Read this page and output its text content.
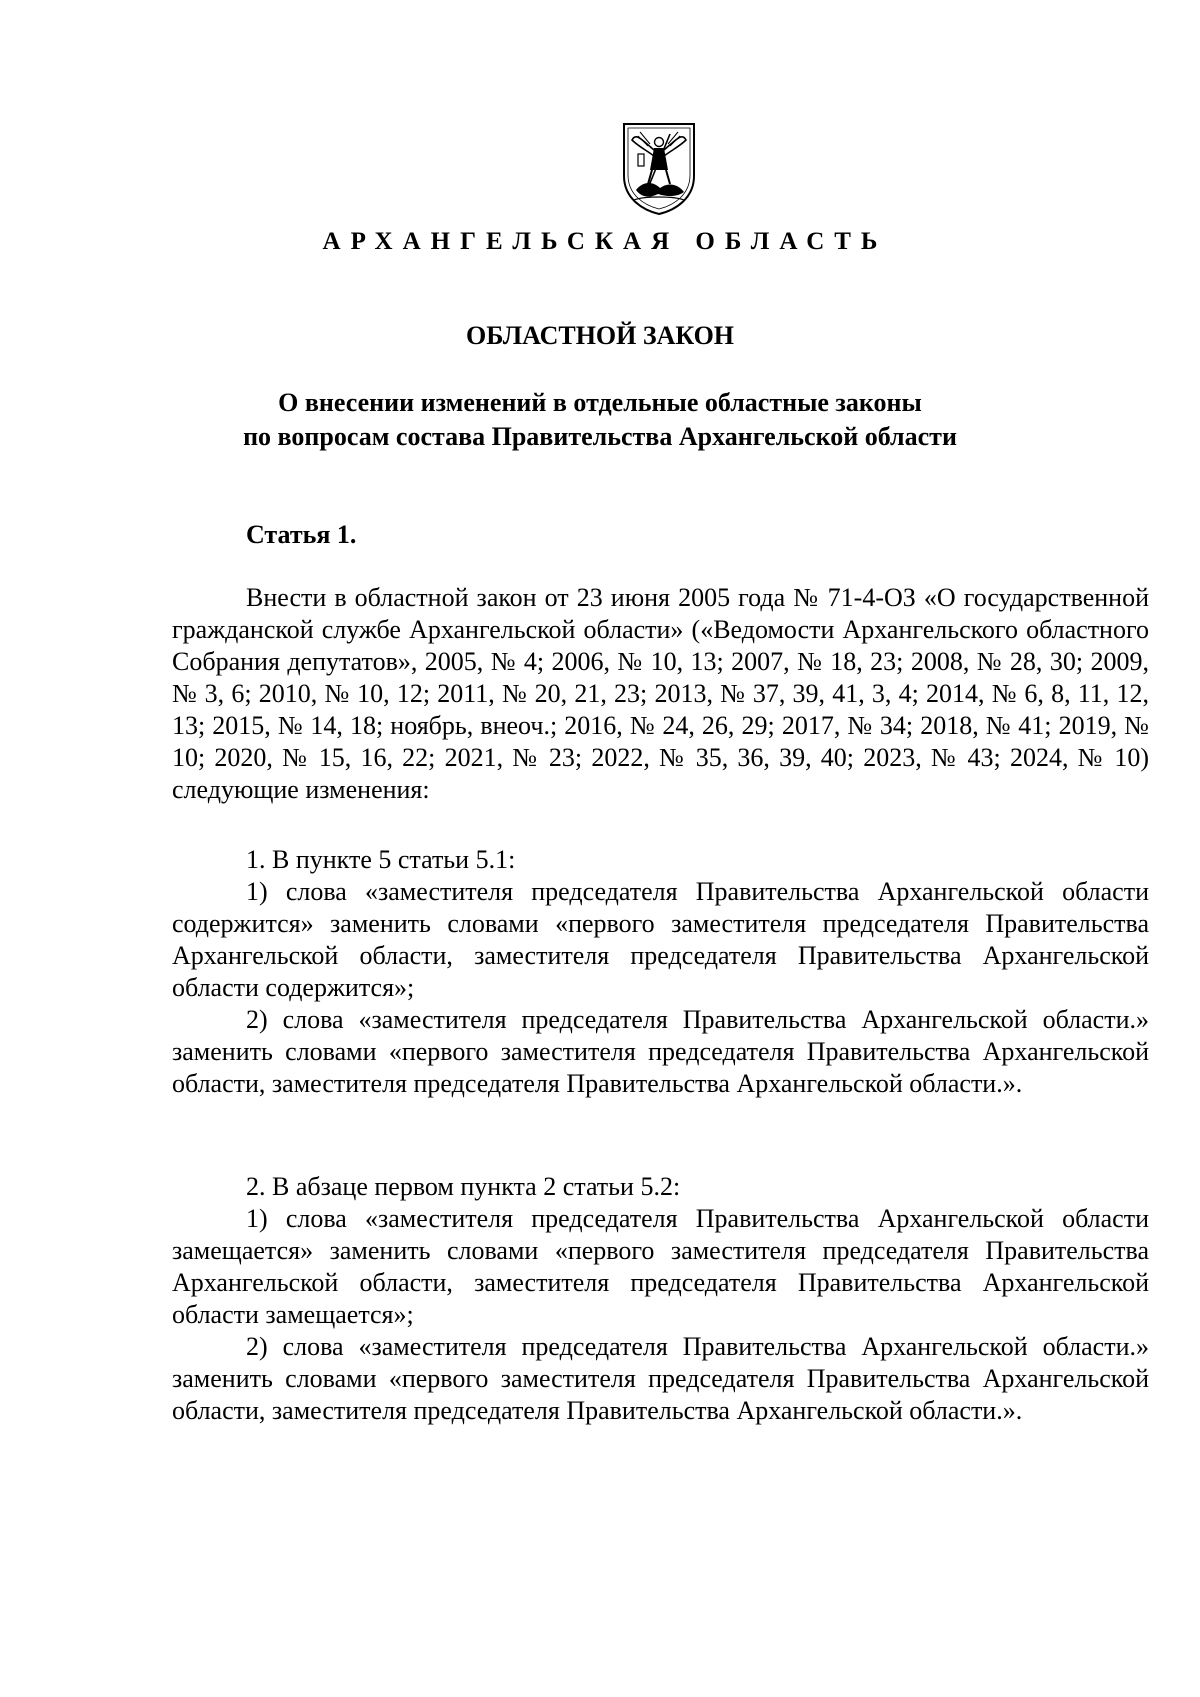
АРХАНГЕЛЬСКАЯ ОБЛАСТЬ
ОБЛАСТНОЙ ЗАКОН
О внесении изменений в отдельные областные законы
по вопросам состава Правительства Архангельской области
Статья 1.

Внести в областной закон от 23 июня 2005 года № 71-4-ОЗ «О государственной гражданской службе Архангельской области» («Ведомости Архангельского областного Собрания депутатов», 2005, № 4; 2006, № 10, 13; 2007, № 18, 23; 2008, № 28, 30; 2009, № 3, 6; 2010, № 10, 12; 2011, № 20, 21, 23; 2013, № 37, 39, 41, 3, 4; 2014, № 6, 8, 11, 12, 13; 2015, № 14, 18; ноябрь, внеоч.; 2016, № 24, 26, 29; 2017, № 34; 2018, № 41; 2019, № 10; 2020, № 15, 16, 22; 2021, № 23; 2022, № 35, 36, 39, 40; 2023, № 43; 2024, № 10) следующие изменения:

1. В пункте 5 статьи 5.1:

1) слова «заместителя председателя Правительства Архангельской области содержится» заменить словами «первого заместителя председателя Правительства Архангельской области, заместителя председателя Правительства Архангельской области содержится»;

2) слова «заместителя председателя Правительства Архангельской области.» заменить словами «первого заместителя председателя Правительства Архангельской области, заместителя председателя Правительства Архангельской области.».

2. В абзаце первом пункта 2 статьи 5.2:

1) слова «заместителя председателя Правительства Архангельской области замещается» заменить словами «первого заместителя председателя Правительства Архангельской области, заместителя председателя Правительства Архангельской области замещается»;

2) слова «заместителя председателя Правительства Архангельской области.» заменить словами «первого заместителя председателя Правительства Архангельской области, заместителя председателя Правительства Архангельской области.».
